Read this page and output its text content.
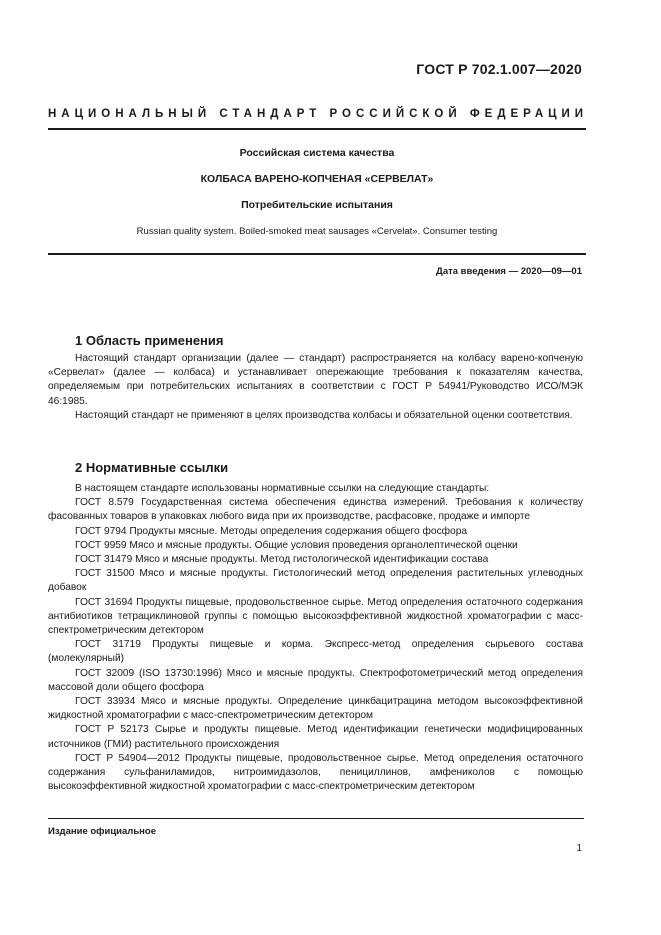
ГОСТ Р 702.1.007—2020
НАЦИОНАЛЬНЫЙ СТАНДАРТ РОССИЙСКОЙ ФЕДЕРАЦИИ
Российская система качества
КОЛБАСА ВАРЕНО-КОПЧЕНАЯ «СЕРВЕЛАТ»
Потребительские испытания
Russian quality system. Boiled-smoked meat sausages «Cervelat». Consumer testing
Дата введения — 2020—09—01
1 Область применения

Настоящий стандарт организации (далее — стандарт) распространяется на колбасу варено-копченую «Сервелат» (далее — колбаса) и устанавливает опережающие требования к показателям качества, определяемым при потребительских испытаниях в соответствии с ГОСТ Р 54941/Руководство ИСО/МЭК 46:1985.

Настоящий стандарт не применяют в целях производства колбасы и обязательной оценки соответствия.

2 Нормативные ссылки

В настоящем стандарте использованы нормативные ссылки на следующие стандарты:

ГОСТ 8.579 Государственная система обеспечения единства измерений. Требования к количеству фасованных товаров в упаковках любого вида при их производстве, расфасовке, продаже и импорте

ГОСТ 9794 Продукты мясные. Методы определения содержания общего фосфора

ГОСТ 9959 Мясо и мясные продукты. Общие условия проведения органолептической оценки

ГОСТ 31479 Мясо и мясные продукты. Метод гистологической идентификации состава

ГОСТ 31500 Мясо и мясные продукты. Гистологический метод определения растительных углеводных добавок

ГОСТ 31694 Продукты пищевые, продовольственное сырье. Метод определения остаточного содержания антибиотиков тетрациклиновой группы с помощью высокоэффективной жидкостной хроматографии с масс-спектрометрическим детектором

ГОСТ 31719 Продукты пищевые и корма. Экспресс-метод определения сырьевого состава (молекулярный)

ГОСТ 32009 (ISO 13730:1996) Мясо и мясные продукты. Спектрофотометрический метод определения массовой доли общего фосфора

ГОСТ 33934 Мясо и мясные продукты. Определение цинкбацитрацина методом высокоэффективной жидкостной хроматографии с масс-спектрометрическим детектором

ГОСТ Р 52173 Сырье и продукты пищевые. Метод идентификации генетически модифицированных источников (ГМИ) растительного происхождения

ГОСТ Р 54904—2012 Продукты пищевые, продовольственное сырье. Метод определения остаточного содержания сульфаниламидов, нитроимидазолов, пенициллинов, амфениколов с помощью высокоэффективной жидкостной хроматографии с масс-спектрометрическим детектором

Издание официальное
1
